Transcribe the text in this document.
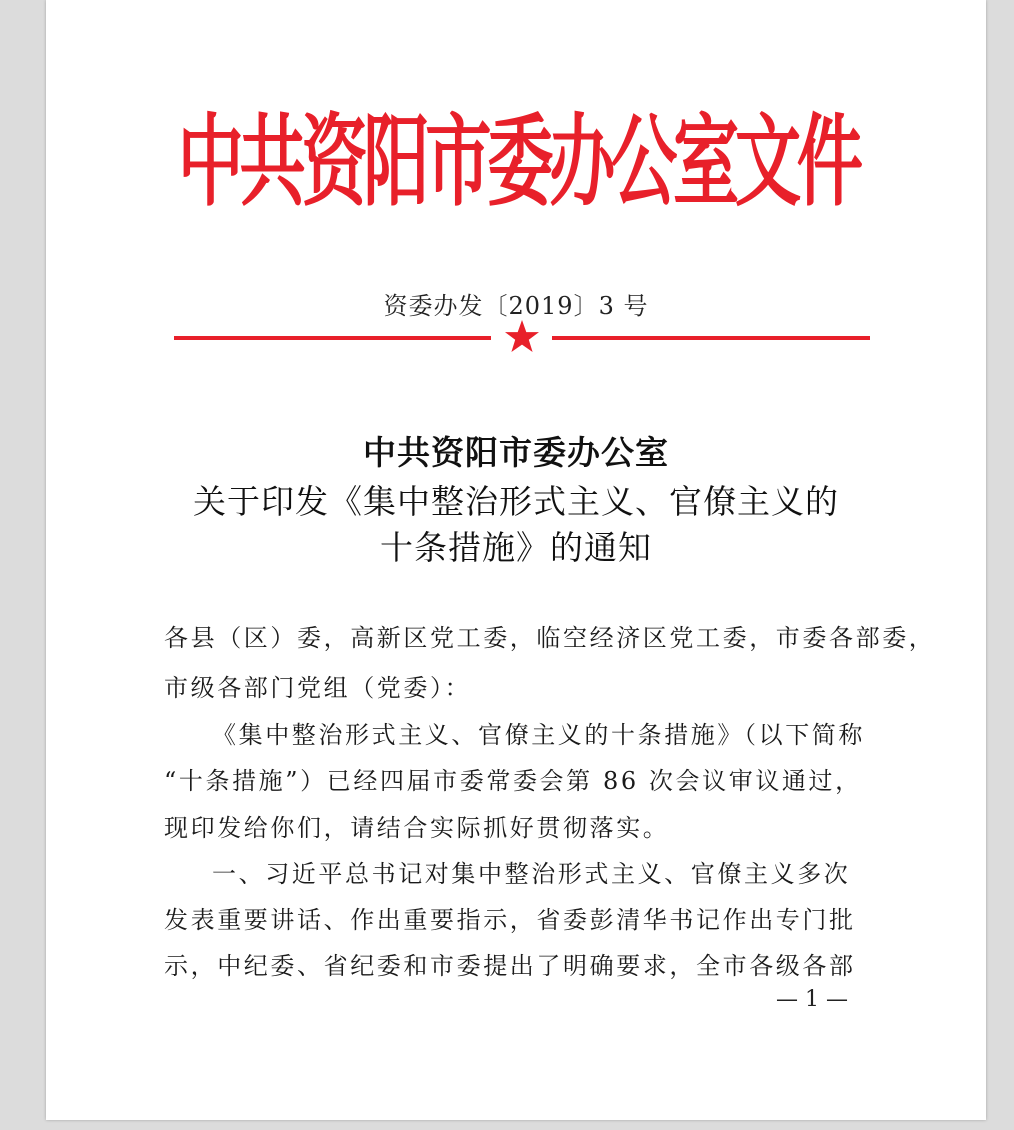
中共资阳市委办公室文件
资委办发〔2019〕3 号
中共资阳市委办公室
关于印发《集中整治形式主义、官僚主义的
十条措施》的通知
各县（区）委，高新区党工委，临空经济区党工委，市委各部委，
市级各部门党组（党委）：
《集中整治形式主义、官僚主义的十条措施》（以下简称
“十条措施”）已经四届市委常委会第 86 次会议审议通过，
现印发给你们，请结合实际抓好贯彻落实。
一、习近平总书记对集中整治形式主义、官僚主义多次
发表重要讲话、作出重要指示，省委彭清华书记作出专门批
示，中纪委、省纪委和市委提出了明确要求，全市各级各部
— 1 —
